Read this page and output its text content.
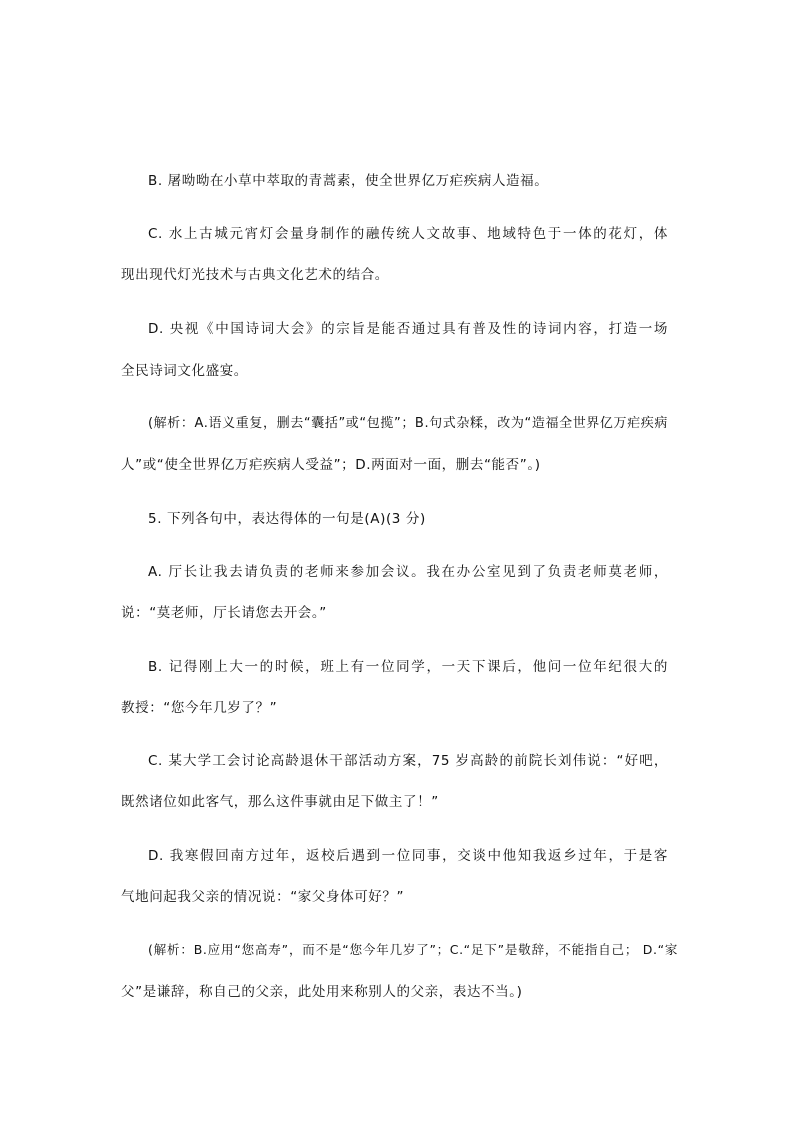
B. 屠呦呦在小草中萃取的青蒿素，使全世界亿万疟疾病人造福。
C. 水上古城元宵灯会量身制作的融传统人文故事、地域特色于一体的花灯，体
现出现代灯光技术与古典文化艺术的结合。
D. 央视《中国诗词大会》的宗旨是能否通过具有普及性的诗词内容，打造一场
全民诗词文化盛宴。
(解析：A.语义重复，删去“囊括”或“包揽”；B.句式杂糅，改为“造福全世界亿万疟疾病
人”或“使全世界亿万疟疾病人受益”；D.两面对一面，删去“能否”。)
5. 下列各句中，表达得体的一句是(A)(3 分)
A. 厅长让我去请负责的老师来参加会议。我在办公室见到了负责老师莫老师，
说：“莫老师，厅长请您去开会。”
B. 记得刚上大一的时候，班上有一位同学，一天下课后，他问一位年纪很大的
教授：“您今年几岁了？”
C. 某大学工会讨论高龄退休干部活动方案，75 岁高龄的前院长刘伟说：“好吧，
既然诸位如此客气，那么这件事就由足下做主了！”
D. 我寒假回南方过年，返校后遇到一位同事，交谈中他知我返乡过年，于是客
气地问起我父亲的情况说：“家父身体可好？”
(解析：B.应用“您高寿”，而不是“您今年几岁了”；C.“足下”是敬辞，不能指自己； D.“家
父”是谦辞，称自己的父亲，此处用来称别人的父亲，表达不当。)
